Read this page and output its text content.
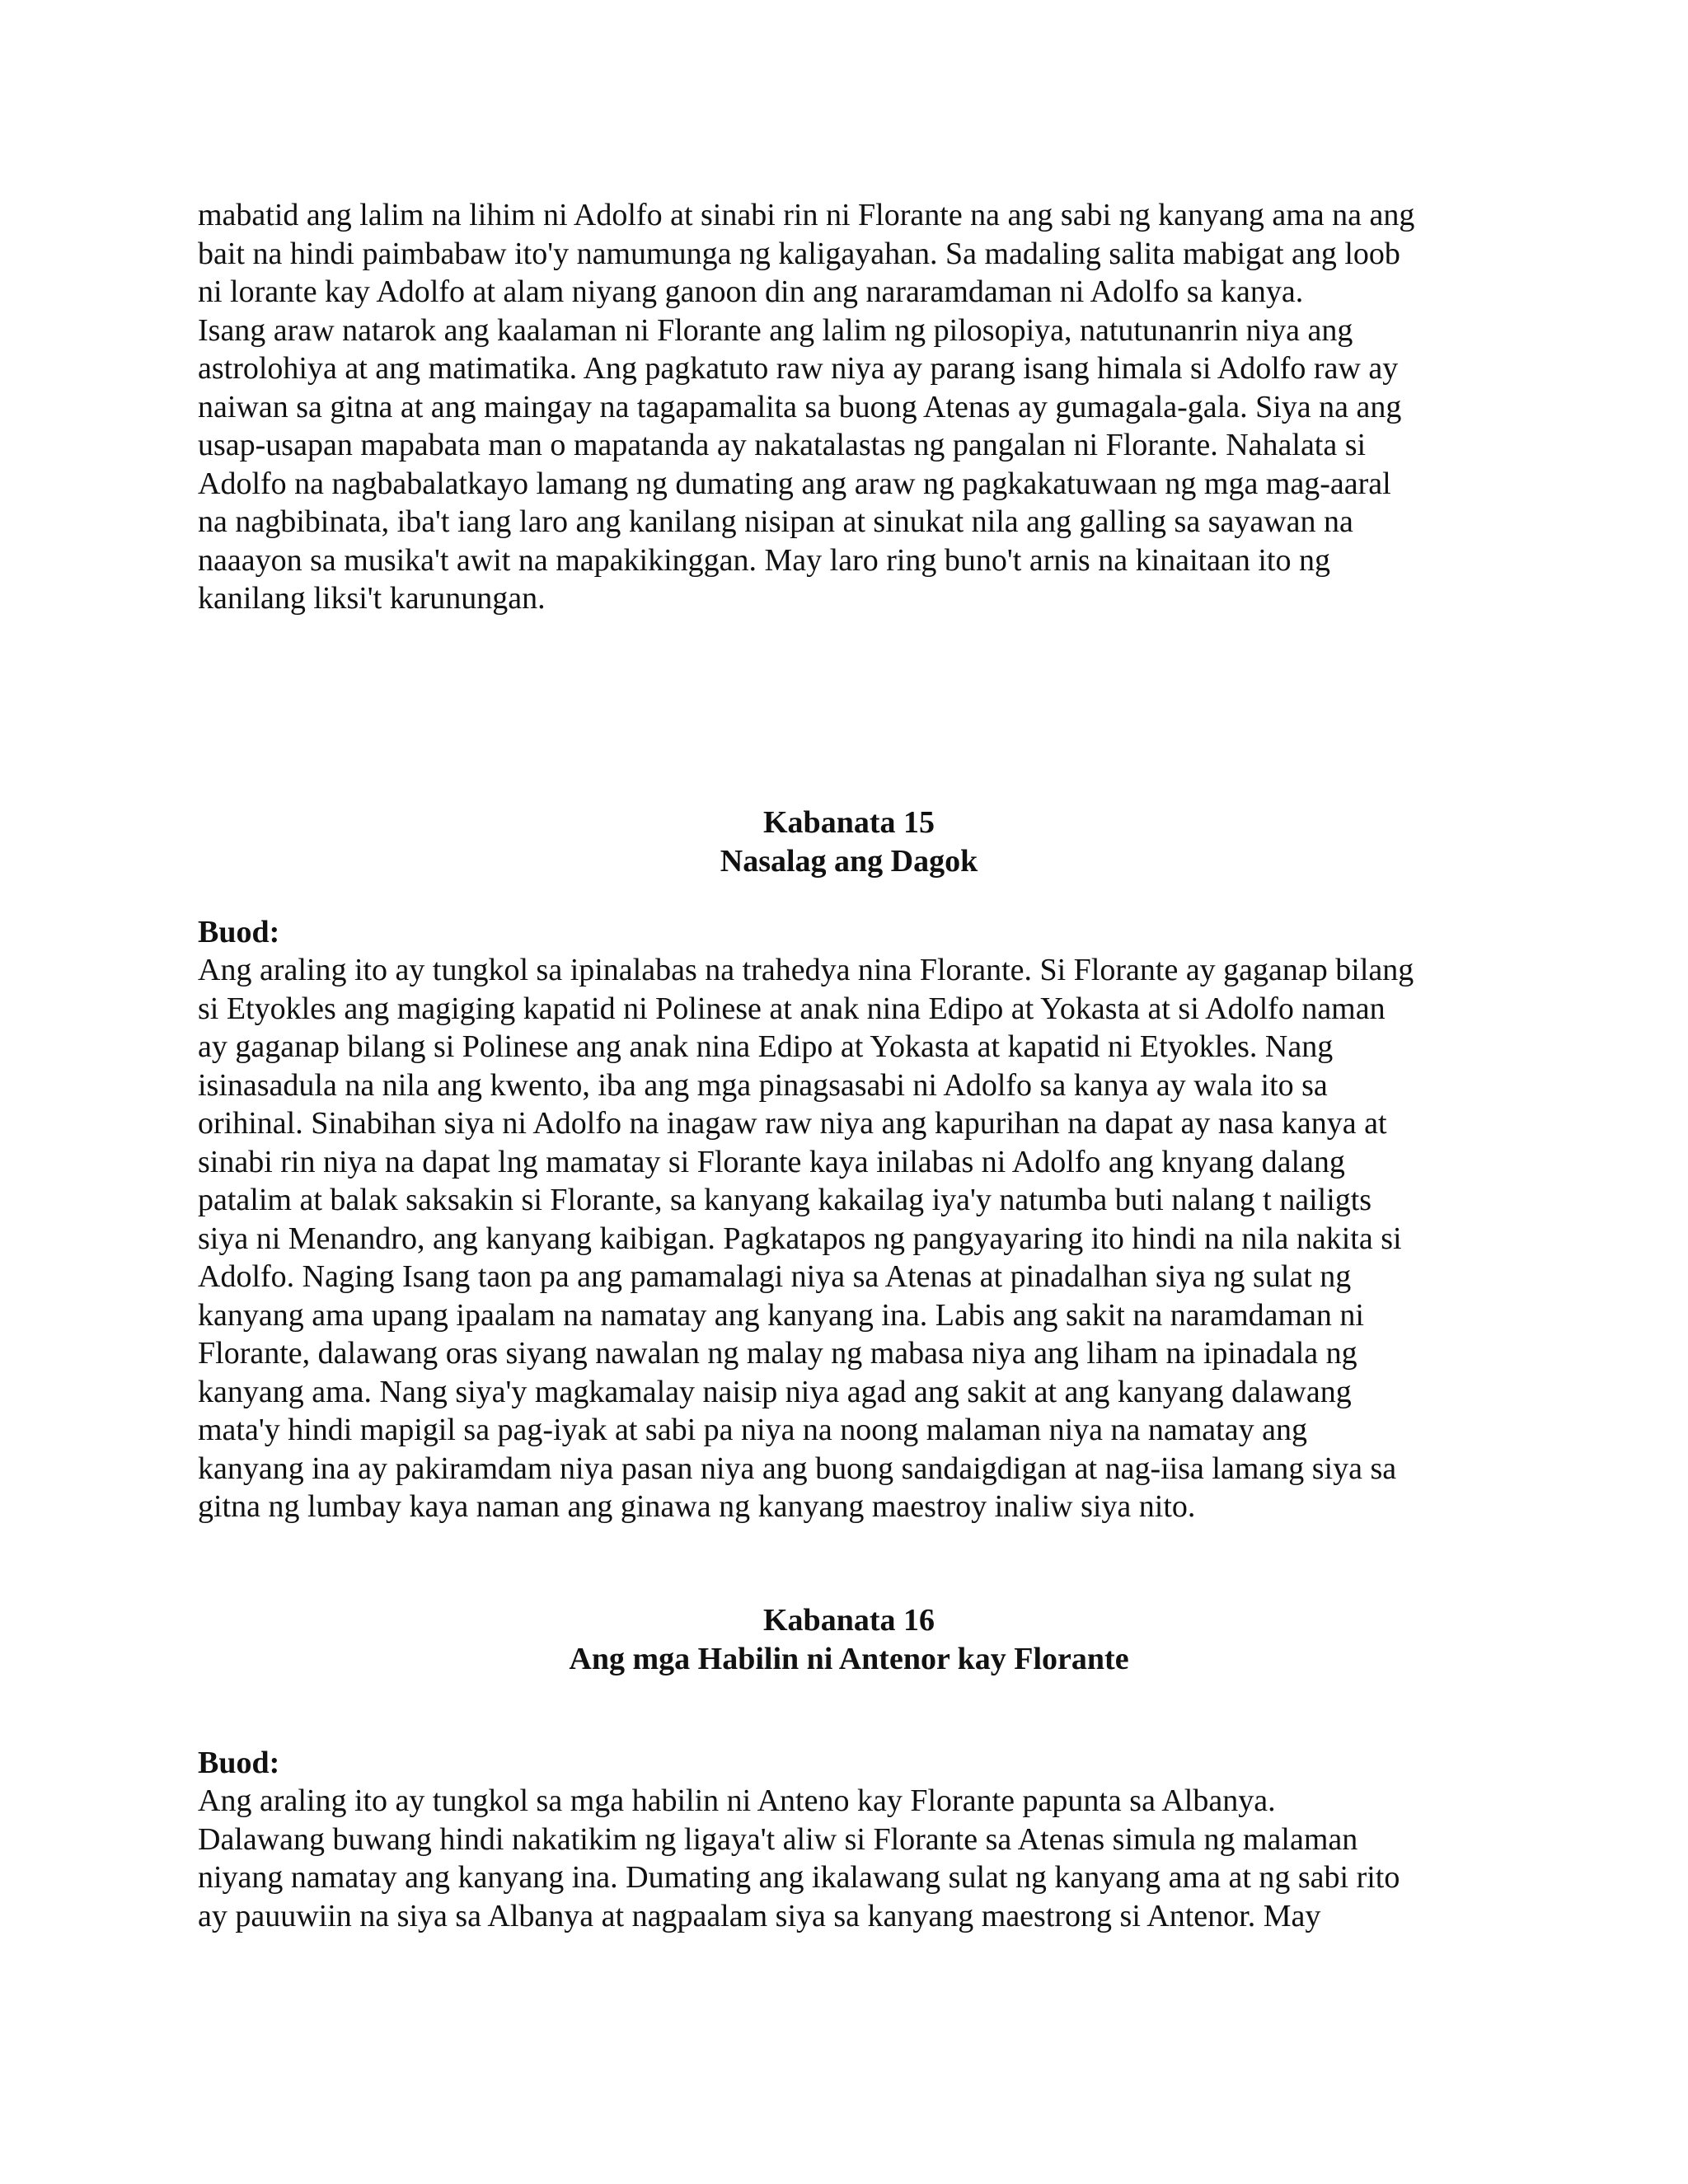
mabatid ang lalim na lihim ni Adolfo at sinabi rin ni Florante na ang sabi ng kanyang ama na ang
bait na hindi paimbabaw ito'y namumunga ng kaligayahan. Sa madaling salita mabigat ang loob
ni lorante kay Adolfo at alam niyang ganoon din ang nararamdaman ni Adolfo sa kanya.
Isang araw natarok ang kaalaman ni Florante ang lalim ng pilosopiya, natutunanrin niya ang
astrolohiya at ang matimatika. Ang pagkatuto raw niya ay parang isang himala si Adolfo raw ay
naiwan sa gitna at ang maingay na tagapamalita sa buong Atenas ay gumagala-gala. Siya na ang
usap-usapan mapabata man o mapatanda ay nakatalastas ng pangalan ni Florante. Nahalata si
Adolfo na nagbabalatkayo lamang ng dumating ang araw ng pagkakatuwaan ng mga mag-aaral
na nagbibinata, iba't iang laro ang kanilang nisipan at sinukat nila ang galling sa sayawan na
naaayon sa musika't awit na mapakikinggan. May laro ring buno't arnis na kinaitaan ito ng
kanilang liksi't karunungan.
Kabanata 15
Nasalag ang Dagok
Buod:
Ang araling ito ay tungkol sa ipinalabas na trahedya nina Florante. Si Florante ay gaganap bilang
si Etyokles ang magiging kapatid ni Polinese at anak nina Edipo at Yokasta at si Adolfo naman
ay gaganap bilang si Polinese ang anak nina Edipo at Yokasta at kapatid ni Etyokles. Nang
isinasadula na nila ang kwento, iba ang mga pinagsasabi ni Adolfo sa kanya ay wala ito sa
orihinal. Sinabihan siya ni Adolfo na inagaw raw niya ang kapurihan na dapat ay nasa kanya at
sinabi rin niya na dapat lng mamatay si Florante kaya inilabas ni Adolfo ang knyang dalang
patalim at balak saksakin si Florante, sa kanyang kakailag iya'y natumba buti nalang t nailigts
siya ni Menandro, ang kanyang kaibigan. Pagkatapos ng pangyayaring ito hindi na nila nakita si
Adolfo. Naging Isang taon pa ang pamamalagi niya sa Atenas at pinadalhan siya ng sulat ng
kanyang ama upang ipaalam na namatay ang kanyang ina. Labis ang sakit na naramdaman ni
Florante, dalawang oras siyang nawalan ng malay ng mabasa niya ang liham na ipinadala ng
kanyang ama. Nang siya'y magkamalay naisip niya agad ang sakit at ang kanyang dalawang
mata'y hindi mapigil sa pag-iyak at sabi pa niya na noong malaman niya na namatay ang
kanyang ina ay pakiramdam niya pasan niya ang buong sandaigdigan at nag-iisa lamang siya sa
gitna ng lumbay kaya naman ang ginawa ng kanyang maestroy inaliw siya nito.
Kabanata 16
Ang mga Habilin ni Antenor kay Florante
Buod:
Ang araling ito ay tungkol sa mga habilin ni Anteno kay Florante papunta sa Albanya.
Dalawang buwang hindi nakatikim ng ligaya't aliw si Florante sa Atenas simula ng malaman
niyang namatay ang kanyang ina. Dumating ang ikalawang sulat ng kanyang ama at ng sabi rito
ay pauuwiin na siya sa Albanya at nagpaalam siya sa kanyang maestrong si Antenor. May
